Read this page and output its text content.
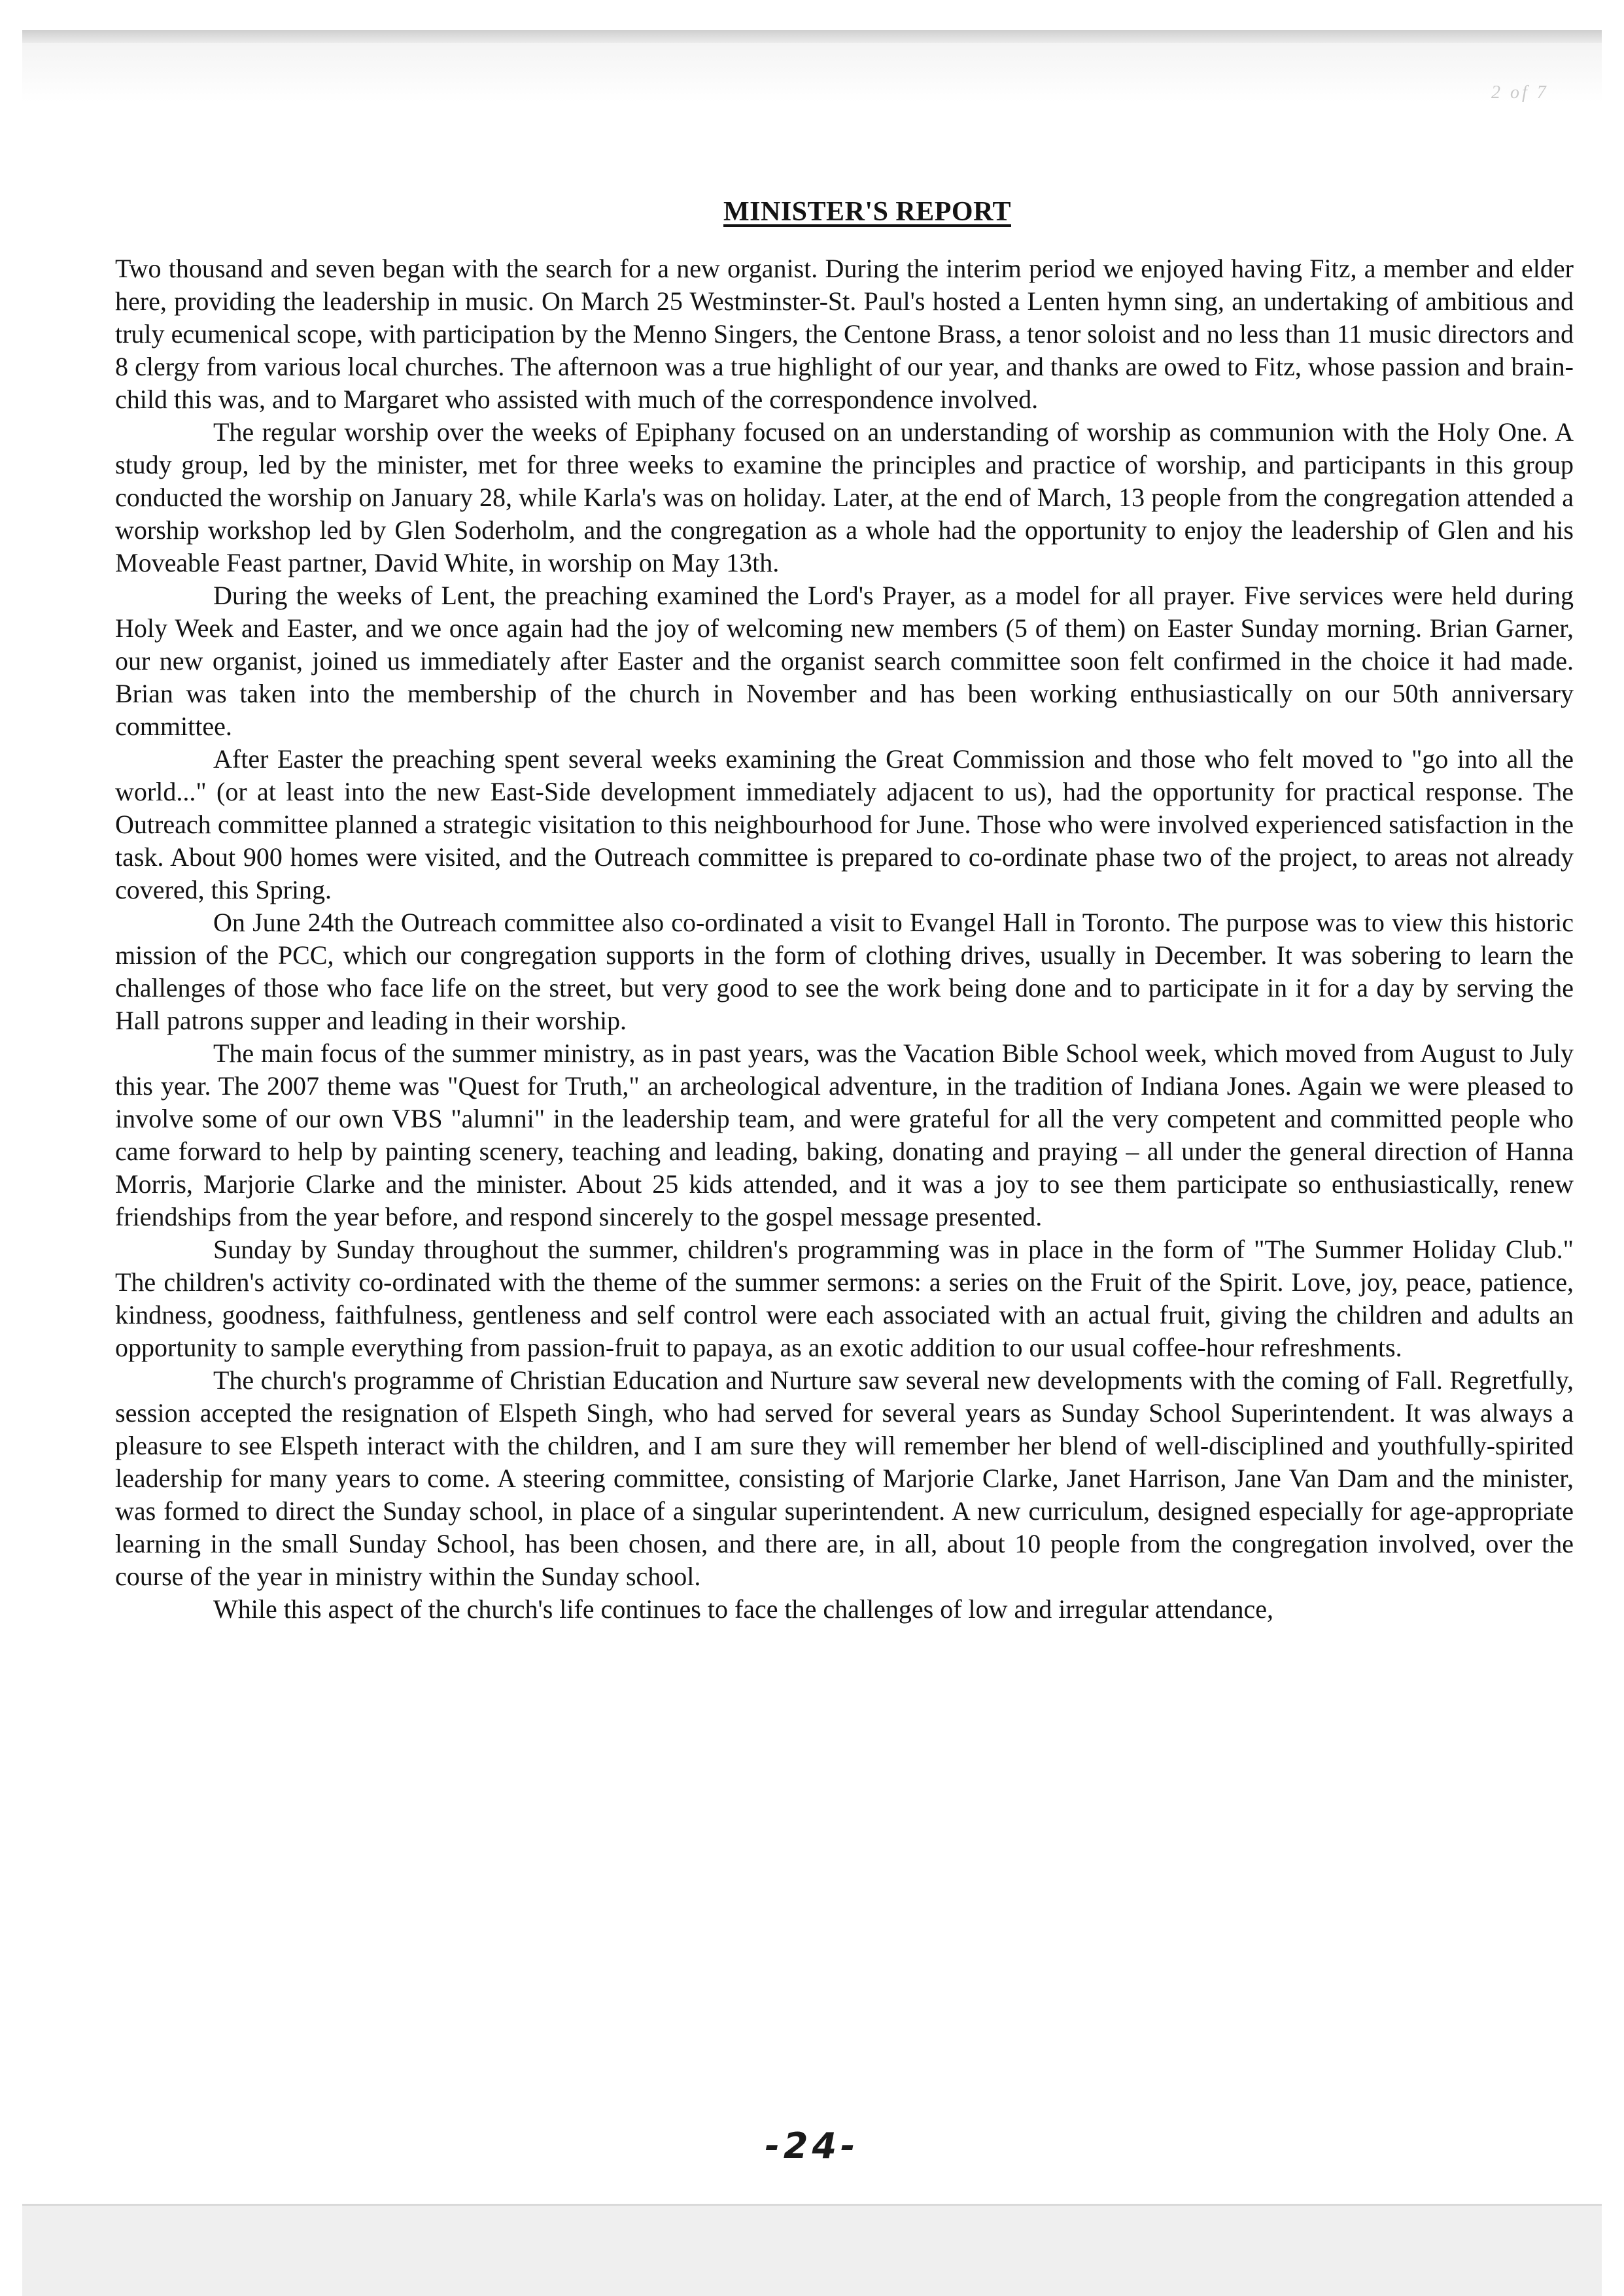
2 of 7
MINISTER'S REPORT

Two thousand and seven began with the search for a new organist. During the interim period we enjoyed having Fitz, a member and elder here, providing the leadership in music. On March 25 Westminster-St. Paul's hosted a Lenten hymn sing, an undertaking of ambitious and truly ecumenical scope, with participation by the Menno Singers, the Centone Brass, a tenor soloist and no less than 11 music directors and 8 clergy from various local churches. The afternoon was a true highlight of our year, and thanks are owed to Fitz, whose passion and brain-child this was, and to Margaret who assisted with much of the correspondence involved.

The regular worship over the weeks of Epiphany focused on an understanding of worship as communion with the Holy One. A study group, led by the minister, met for three weeks to examine the principles and practice of worship, and participants in this group conducted the worship on January 28, while Karla's was on holiday. Later, at the end of March, 13 people from the congregation attended a worship workshop led by Glen Soderholm, and the congregation as a whole had the opportunity to enjoy the leadership of Glen and his Moveable Feast partner, David White, in worship on May 13th.

During the weeks of Lent, the preaching examined the Lord's Prayer, as a model for all prayer. Five services were held during Holy Week and Easter, and we once again had the joy of welcoming new members (5 of them) on Easter Sunday morning. Brian Garner, our new organist, joined us immediately after Easter and the organist search committee soon felt confirmed in the choice it had made. Brian was taken into the membership of the church in November and has been working enthusiastically on our 50th anniversary committee.

After Easter the preaching spent several weeks examining the Great Commission and those who felt moved to "go into all the world..." (or at least into the new East-Side development immediately adjacent to us), had the opportunity for practical response. The Outreach committee planned a strategic visitation to this neighbourhood for June. Those who were involved experienced satisfaction in the task. About 900 homes were visited, and the Outreach committee is prepared to co-ordinate phase two of the project, to areas not already covered, this Spring.

On June 24th the Outreach committee also co-ordinated a visit to Evangel Hall in Toronto. The purpose was to view this historic mission of the PCC, which our congregation supports in the form of clothing drives, usually in December. It was sobering to learn the challenges of those who face life on the street, but very good to see the work being done and to participate in it for a day by serving the Hall patrons supper and leading in their worship.

The main focus of the summer ministry, as in past years, was the Vacation Bible School week, which moved from August to July this year. The 2007 theme was "Quest for Truth," an archeological adventure, in the tradition of Indiana Jones. Again we were pleased to involve some of our own VBS "alumni" in the leadership team, and were grateful for all the very competent and committed people who came forward to help by painting scenery, teaching and leading, baking, donating and praying – all under the general direction of Hanna Morris, Marjorie Clarke and the minister. About 25 kids attended, and it was a joy to see them participate so enthusiastically, renew friendships from the year before, and respond sincerely to the gospel message presented.

Sunday by Sunday throughout the summer, children's programming was in place in the form of "The Summer Holiday Club." The children's activity co-ordinated with the theme of the summer sermons: a series on the Fruit of the Spirit. Love, joy, peace, patience, kindness, goodness, faithfulness, gentleness and self control were each associated with an actual fruit, giving the children and adults an opportunity to sample everything from passion-fruit to papaya, as an exotic addition to our usual coffee-hour refreshments.

The church's programme of Christian Education and Nurture saw several new developments with the coming of Fall. Regretfully, session accepted the resignation of Elspeth Singh, who had served for several years as Sunday School Superintendent. It was always a pleasure to see Elspeth interact with the children, and I am sure they will remember her blend of well-disciplined and youthfully-spirited leadership for many years to come. A steering committee, consisting of Marjorie Clarke, Janet Harrison, Jane Van Dam and the minister, was formed to direct the Sunday school, in place of a singular superintendent. A new curriculum, designed especially for age-appropriate learning in the small Sunday School, has been chosen, and there are, in all, about 10 people from the congregation involved, over the course of the year in ministry within the Sunday school.

While this aspect of the church's life continues to face the challenges of low and irregular attendance,

-24-
